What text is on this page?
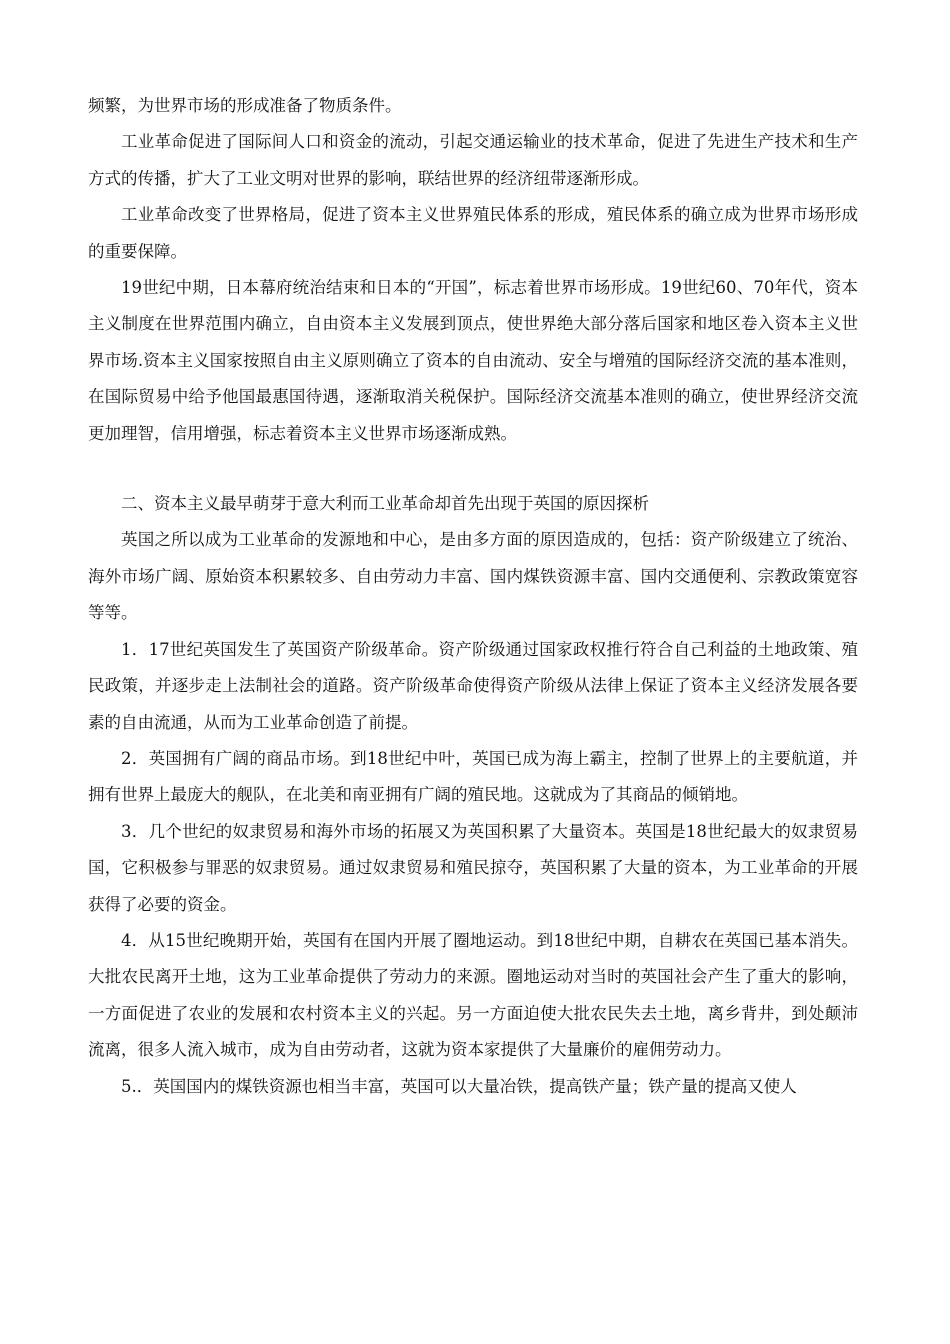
频繁，为世界市场的形成准备了物质条件。

工业革命促进了国际间人口和资金的流动，引起交通运输业的技术革命，促进了先进生产技术和生产方式的传播，扩大了工业文明对世界的影响，联结世界的经济纽带逐渐形成。

工业革命改变了世界格局，促进了资本主义世界殖民体系的形成，殖民体系的确立成为世界市场形成的重要保障。

19世纪中期，日本幕府统治结束和日本的“开国”，标志着世界市场形成。19世纪60、70年代，资本主义制度在世界范围内确立，自由资本主义发展到顶点，使世界绝大部分落后国家和地区卷入资本主义世界市场.资本主义国家按照自由主义原则确立了资本的自由流动、安全与增殖的国际经济交流的基本准则，在国际贸易中给予他国最惠国待遇，逐渐取消关税保护。国际经济交流基本准则的确立，使世界经济交流更加理智，信用增强，标志着资本主义世界市场逐渐成熟。

二、资本主义最早萌芽于意大利而工业革命却首先出现于英国的原因探析

英国之所以成为工业革命的发源地和中心，是由多方面的原因造成的，包括：资产阶级建立了统治、海外市场广阔、原始资本积累较多、自由劳动力丰富、国内煤铁资源丰富、国内交通便利、宗教政策宽容等等。

1．17世纪英国发生了英国资产阶级革命。资产阶级通过国家政权推行符合自己利益的土地政策、殖民政策，并逐步走上法制社会的道路。资产阶级革命使得资产阶级从法律上保证了资本主义经济发展各要素的自由流通，从而为工业革命创造了前提。

2．英国拥有广阔的商品市场。到18世纪中叶，英国已成为海上霸主，控制了世界上的主要航道，并拥有世界上最庞大的舰队，在北美和南亚拥有广阔的殖民地。这就成为了其商品的倾销地。

3．几个世纪的奴隶贸易和海外市场的拓展又为英国积累了大量资本。英国是18世纪最大的奴隶贸易国，它积极参与罪恶的奴隶贸易。通过奴隶贸易和殖民掠夺，英国积累了大量的资本，为工业革命的开展获得了必要的资金。

4．从15世纪晚期开始，英国有在国内开展了圈地运动。到18世纪中期，自耕农在英国已基本消失。大批农民离开土地，这为工业革命提供了劳动力的来源。圈地运动对当时的英国社会产生了重大的影响，一方面促进了农业的发展和农村资本主义的兴起。另一方面迫使大批农民失去土地，离乡背井，到处颠沛流离，很多人流入城市，成为自由劳动者，这就为资本家提供了大量廉价的雇佣劳动力。

5.．英国国内的煤铁资源也相当丰富，英国可以大量冶铁，提高铁产量；铁产量的提高又使人
